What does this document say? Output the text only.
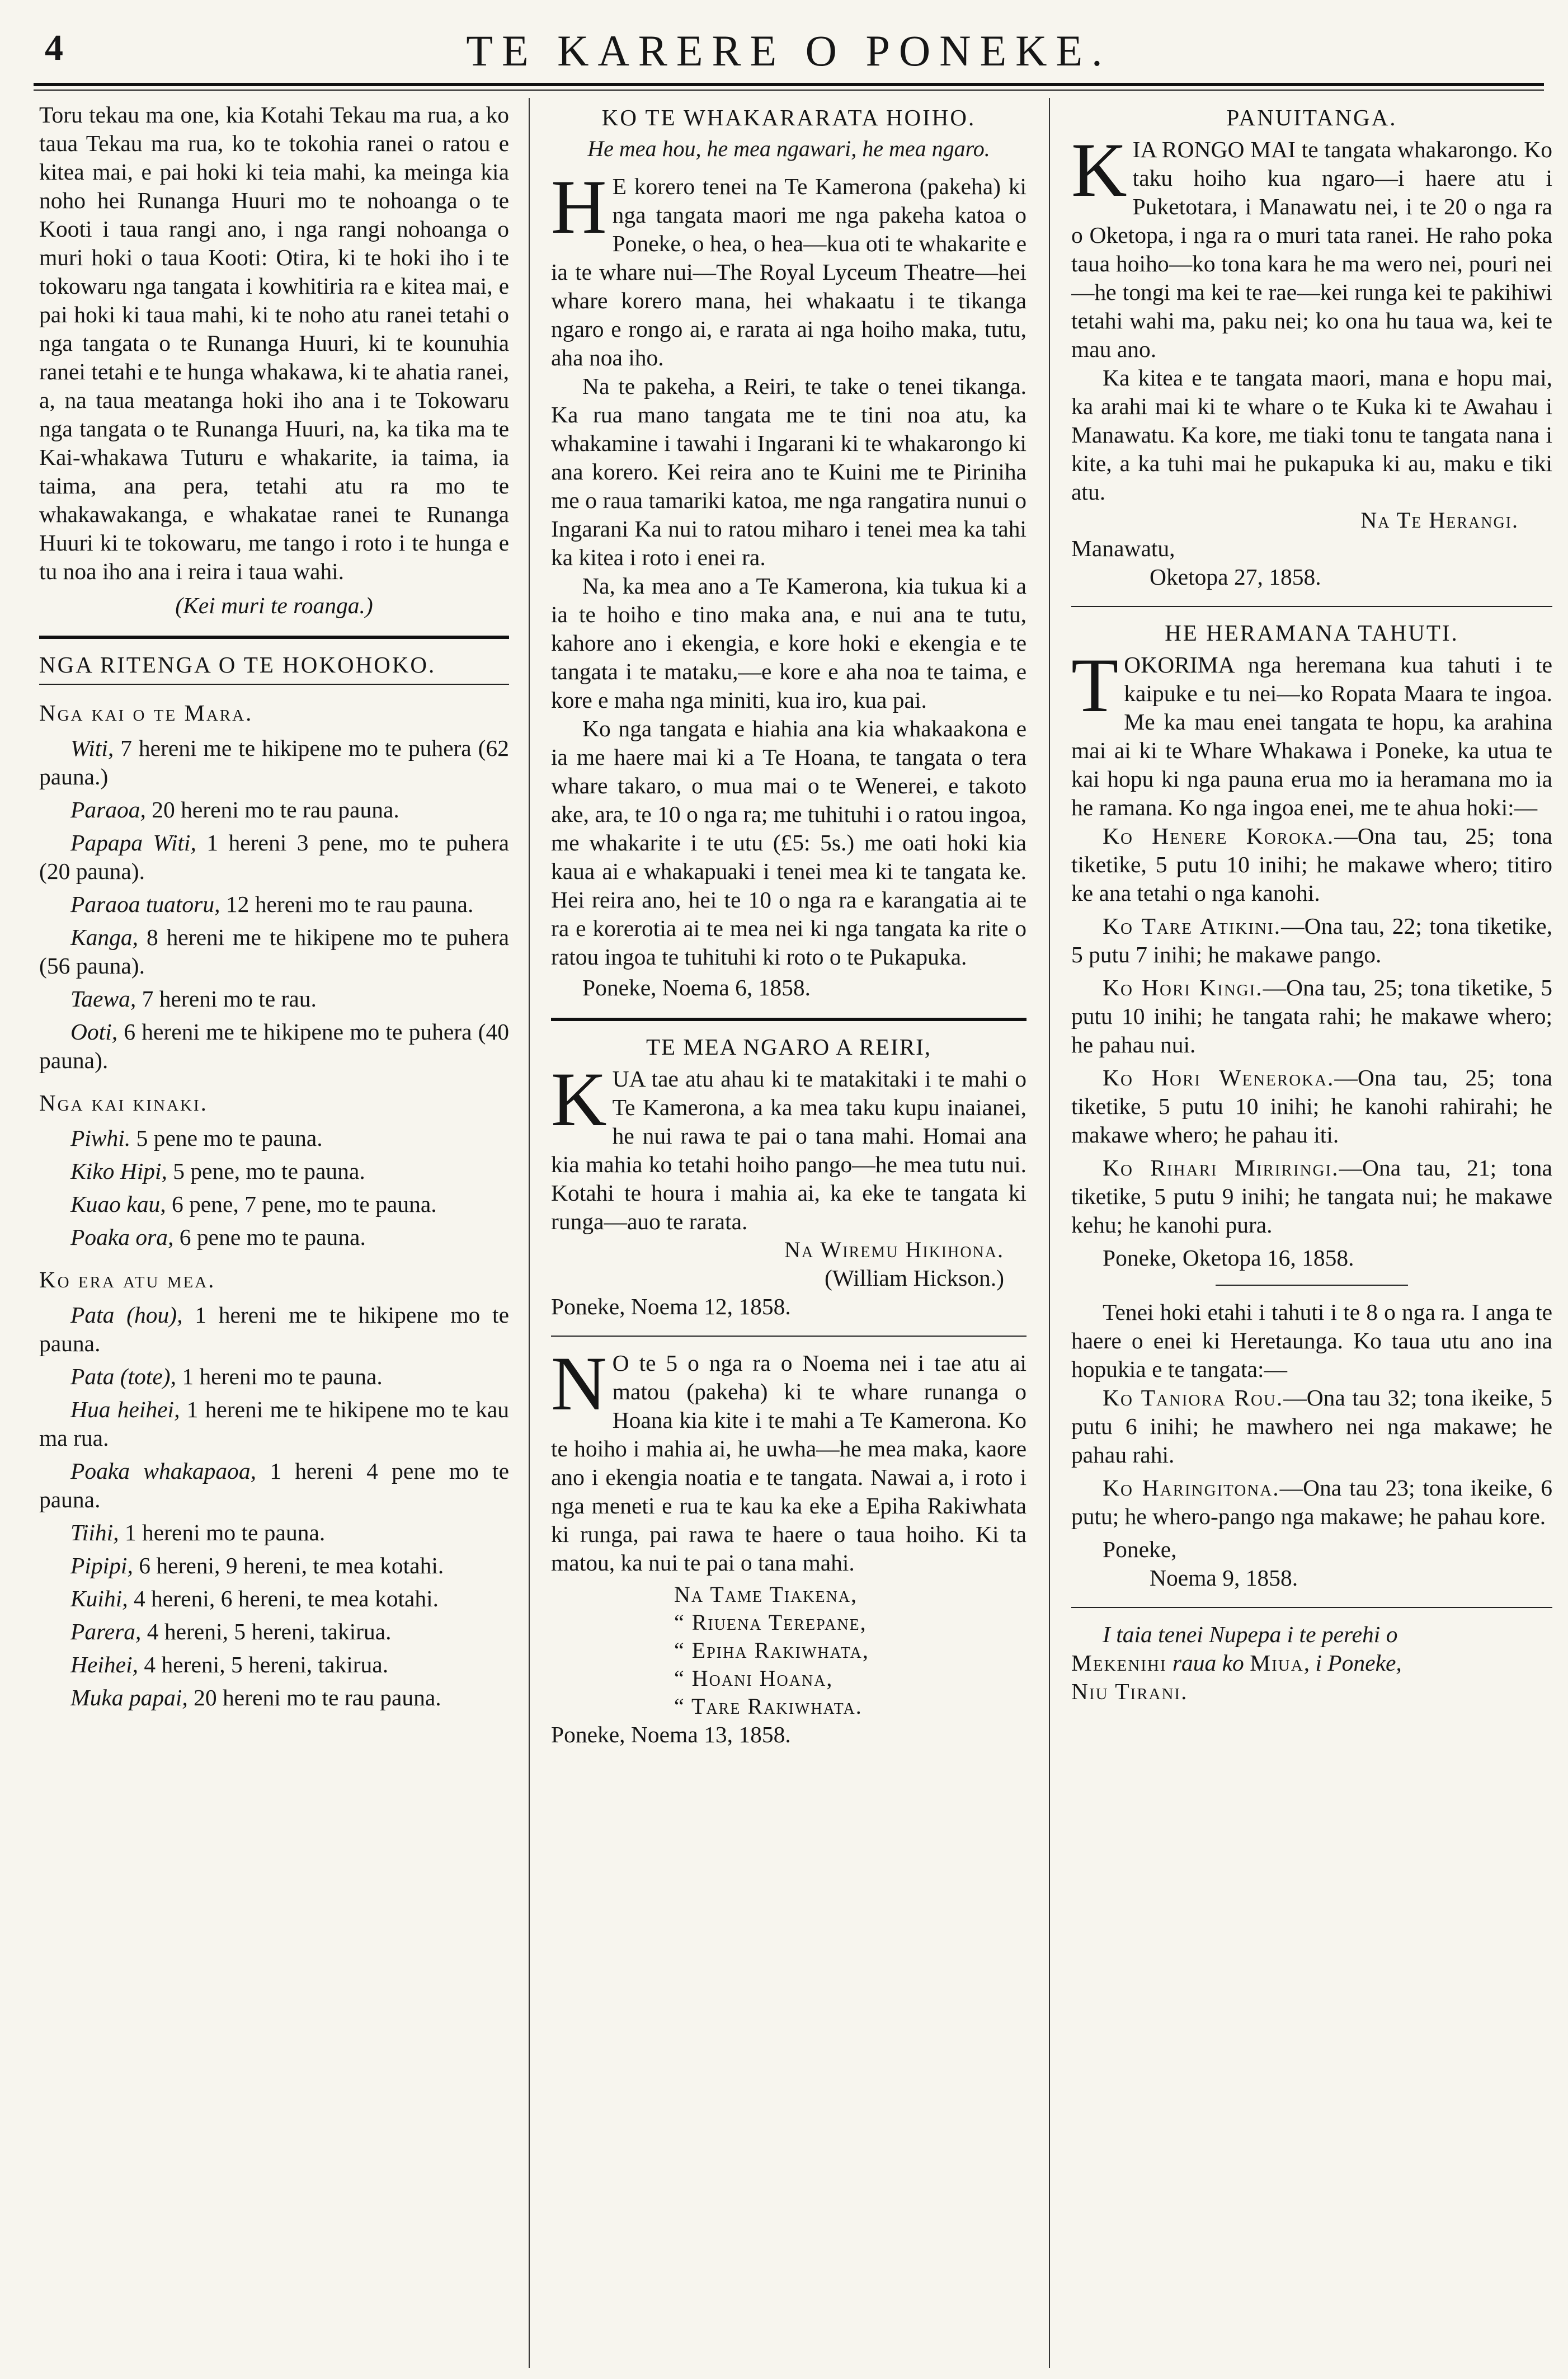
4	TE KARERE O PONEKE.

Toru tekau ma one, kia Kotahi Tekau ma rua, a ko taua Tekau ma rua, ko te tokohia ranei o ratou e kitea mai, e pai hoki ki teia mahi, ka meinga kia noho hei Runanga Huuri mo te nohoanga o te Kooti i taua rangi ano, i nga rangi nohoanga o muri hoki o taua Kooti: Otira, ki te hoki iho i te tokowaru nga tangata i kowhitiria ra e kitea mai, e pai hoki ki taua mahi, ki te noho atu ranei tetahi o nga tangata o te Runanga Huuri, ki te kounuhia ranei tetahi e te hunga whakawa, ki te ahatia ranei, a, na taua meatanga hoki iho ana i te Tokowaru nga tangata o te Runanga Huuri, na, ka tika ma te Kai-whakawa Tuturu e whakarite, ia taima, ia taima, ana pera, tetahi atu ra mo te whakawakanga, e whakatae ranei te Runanga Huuri ki te tokowaru, me tango i roto i te hunga e tu noa iho ana i reira i taua wahi.

(Kei muri te roanga.)

NGA RITENGA O TE HOKOHOKO.
Nga kai o te Mara.

Witi, 7 hereni me te hikipene mo te puhera (62 pauna.)

Paraoa, 20 hereni mo te rau pauna.

Papapa Witi, 1 hereni 3 pene, mo te puhera (20 pauna).

Paraoa tuatoru, 12 hereni mo te rau pauna.

Kanga, 8 hereni me te hikipene mo te puhera (56 pauna).

Taewa, 7 hereni mo te rau.

Ooti, 6 hereni me te hikipene mo te puhera (40 pauna).

Nga kai kinaki.

Piwhi. 5 pene mo te pauna.

Kiko Hipi, 5 pene, mo te pauna.

Kuao kau, 6 pene, 7 pene, mo te pauna.

Poaka ora, 6 pene mo te pauna.

Ko era atu mea.

Pata (hou), 1 hereni me te hikipene mo te pauna.

Pata (tote), 1 hereni mo te pauna.

Hua heihei, 1 hereni me te hikipene mo te kau ma rua.

Poaka whakapaoa, 1 hereni 4 pene mo te pauna.

Tiihi, 1 hereni mo te pauna.

Pipipi, 6 hereni, 9 hereni, te mea kotahi.

Kuihi, 4 hereni, 6 hereni, te mea kotahi.

Parera, 4 hereni, 5 hereni, takirua.

Heihei, 4 hereni, 5 hereni, takirua.

Muka papai, 20 hereni mo te rau pauna.

KO TE WHAKARARATA HOIHO.
He mea hou, he mea ngawari, he mea ngaro.

H E korero tenei na Te Kamerona (pakeha) ki nga tangata maori me nga pakeha katoa o Poneke, o hea, o hea—kua oti te whakarite e ia te whare nui—The Royal Lyceum Theatre—hei whare korero mana, hei whakaatu i te tikanga ngaro e rongo ai, e rarata ai nga hoiho maka, tutu, aha noa iho.

Na te pakeha, a Reiri, te take o tenei tikanga. Ka rua mano tangata me te tini noa atu, ka whakamine i tawahi i Ingarani ki te whakarongo ki ana korero. Kei reira ano te Kuini me te Piriniha me o raua tamariki katoa, me nga rangatira nunui o Ingarani Ka nui to ratou miharo i tenei mea ka tahi ka kitea i roto i enei ra.

Na, ka mea ano a Te Kamerona, kia tukua ki a ia te hoiho e tino maka ana, e nui ana te tutu, kahore ano i ekengia, e kore hoki e ekengia e te tangata i te mataku,—e kore e aha noa te taima, e kore e maha nga miniti, kua iro, kua pai.

Ko nga tangata e hiahia ana kia whakaakona e ia me haere mai ki a Te Hoana, te tangata o tera whare takaro, o mua mai o te Wenerei, e takoto ake, ara, te 10 o nga ra; me tuhituhi i o ratou ingoa, me whakarite i te utu (£5: 5s.) me oati hoki kia kaua ai e whakapuaki i tenei mea ki te tangata ke. Hei reira ano, hei te 10 o nga ra e karangatia ai te ra e korerotia ai te mea nei ki nga tangata ka rite o ratou ingoa te tuhituhi ki roto o te Pukapuka.

Poneke, Noema 6, 1858.

TE MEA NGARO A REIRI,

KUA tae atu ahau ki te matakitaki i te mahi o Te Kamerona, a ka mea taku kupu inaianei, he nui rawa te pai o tana mahi. Homai ana kia mahia ko tetahi hoiho pango—he mea tutu nui. Kotahi te houra i mahia ai, ka eke te tangata ki runga—auo te rarata.

Na Wiremu Hikihona.
(William Hickson.)

Poneke, Noema 12, 1858.

N O te 5 o nga ra o Noema nei i tae atu ai matou (pakeha) ki te whare runanga o Hoana kia kite i te mahi a Te Kamerona. Ko te hoiho i mahia ai, he uwha—he mea maka, kaore ano i ekengia noatia e te tangata. Nawai a, i roto i nga meneti e rua te kau ka eke a Epiha Rakiwhata ki runga, pai rawa te haere o taua hoiho. Ki ta matou, ka nui te pai o tana mahi.

Na Tame Tiakena,
“ Riuena Terepane,
“ Epiha Rakiwhata,
“ Hoani Hoana,
“ Tare Rakiwhata.

Poneke, Noema 13, 1858.

PANUITANGA.

KIA RONGO MAI te tangata whakarongo. Ko taku hoiho kua ngaro—i haere atu i Puketotara, i Manawatu nei, i te 20 o nga ra o Oketopa, i nga ra o muri tata ranei. He raho poka taua hoiho—ko tona kara he ma wero nei, pouri nei—he tongi ma kei te rae—kei runga kei te pakihiwi tetahi wahi ma, paku nei; ko ona hu taua wa, kei te mau ano.

Ka kitea e te tangata maori, mana e hopu mai, ka arahi mai ki te whare o te Kuka ki te Awahau i Manawatu. Ka kore, me tiaki tonu te tangata nana i kite, a ka tuhi mai he pukapuka ki au, maku e tiki atu.

Na Te Herangi.

Manawatu,

Oketopa 27, 1858.

HE HERAMANA TAHUTI.

TOKORIMA nga heremana kua tahuti i te kaipuke e tu nei—ko Ropata Maara te ingoa. Me ka mau enei tangata te hopu, ka arahina mai ai ki te Whare Whakawa i Poneke, ka utua te kai hopu ki nga pauna erua mo ia heramana mo ia he ramana. Ko nga ingoa enei, me te ahua hoki:—

Ko Henere Koroka.—Ona tau, 25; tona tiketike, 5 putu 10 inihi; he makawe whero; titiro ke ana tetahi o nga kanohi.

Ko Tare Atikini.—Ona tau, 22; tona tiketike, 5 putu 7 inihi; he makawe pango.

Ko Hori Kingi.—Ona tau, 25; tona tiketike, 5 putu 10 inihi; he tangata rahi; he makawe whero; he pahau nui.

Ko Hori Weneroka.—Ona tau, 25; tona tiketike, 5 putu 10 inihi; he kanohi rahirahi; he makawe whero; he pahau iti.

Ko Rihari Miriringi.—Ona tau, 21; tona tiketike, 5 putu 9 inihi; he tangata nui; he makawe kehu; he kanohi pura.

Poneke, Oketopa 16, 1858.

Tenei hoki etahi i tahuti i te 8 o nga ra. I anga te haere o enei ki Heretaunga. Ko taua utu ano ina hopukia e te tangata:—

Ko Taniora Rou.—Ona tau 32; tona ikeike, 5 putu 6 inihi; he mawhero nei nga makawe; he pahau rahi.

Ko Haringitona.—Ona tau 23; tona ikeike, 6 putu; he whero-pango nga makawe; he pahau kore.

Poneke,

Noema 9, 1858.

I taia tenei Nupepa i te perehi o
Mekenihi raua ko Miua, i Poneke,
Niu Tirani.
